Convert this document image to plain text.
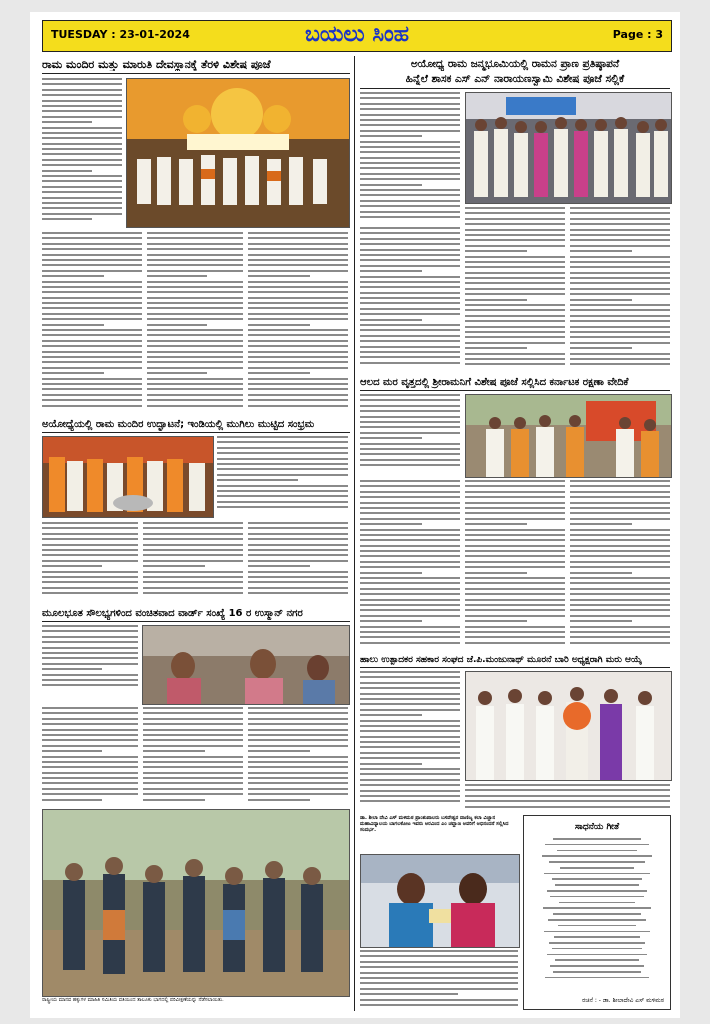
TUESDAY : 23-01-2024	ಬಯಲು ಸಿಂಹ	Page : 3
ರಾಮ ಮಂದಿರ ಮತ್ತು ಮಾರುತಿ ದೇವಸ್ಥಾನಕ್ಕೆ ತೆರಳಿ ವಿಶೇಷ ಪೂಜೆ
ಅಯೋಧ್ಯೆಯಲ್ಲಿ ರಾಮ ಮಂದಿರ ಉದ್ಘಾಟನೆ; ಇಂಡಿಯಲ್ಲಿ ಮುಗಿಲು ಮುಟ್ಟಿದ ಸಂಭ್ರಮ
ಮೂಲಭೂತ ಸೌಲಭ್ಯಗಳಿಂದ ವಂಚಿತವಾದ ವಾರ್ಡ್ ಸಂಖ್ಯೆ 16 ರ ಉಸ್ಮಾನ್ ನಗರ
ರಾಷ್ಟ್ರೀಯ ಮಾನವ ಹಕ್ಕುಗಳ ಮಾಹಿತಿ ಸಮಿತಿಯ ವತಿಯಿಂದ ತಾಲೂಕು ಭಾಗದಲ್ಲಿ ಪರಿವೀಕ್ಷಣೆಯನ್ನು ನೆಡೆಸಲಾಯಿತು.
ಅಯೋಧ್ಯ ರಾಮ ಜನ್ಮಭೂಮಿಯಲ್ಲಿ ರಾಮನ ಪ್ರಾಣ ಪ್ರತಿಷ್ಠಾಪನೆ
ಹಿನ್ನೆಲೆ ಶಾಸಕ ಎಸ್ ಎನ್ ನಾರಾಯಣಸ್ವಾಮಿ ವಿಶೇಷ ಪೂಜೆ ಸಲ್ಲಿಕೆ
ಆಲದ ಮರ ವೃತ್ತದಲ್ಲಿ ಶ್ರೀರಾಮನಿಗೆ ವಿಶೇಷ ಪೂಜೆ ಸಲ್ಲಿಸಿದ ಕರ್ನಾಟಕ ರಕ್ಷಣಾ ವೇದಿಕೆ
ಹಾಲು ಉತ್ಪಾದಕರ ಸಹಕಾರ ಸಂಘದ ಜೆ.ಪಿ.ಮಂಜುನಾಥ್ ಮೂರನೆ ಬಾರಿ ಅಧ್ಯಕ್ಷರಾಗಿ ಮರು ಆಯ್ಕೆ
ಡಾ. ಶೀಲಾ ದೇವಿ ಎಸ್ ಮಳಿಮಠ ಪ್ರಾಂಶುಪಾಲರು ಬಸವೇಶ್ವರ ವಾಣಿಜ್ಯ ಕಲಾ ವಿಜ್ಞಾನ ಮಹಾವಿದ್ಯಾಲಯ ಬಾಗಲಕೋಟ ಇವರು ಅರವಿಂದ ಎಂ ಚವ್ಹಾಣ ಅವರಿಗೆ ಅಭಿನಂದನೆ ಸಲ್ಲಿಸಿದ ಸಂದರ್ಭ.	ಸಾಧನೆಯ ಗೀತೆ
ರಚನೆ : - ಡಾ. ಶೀಲಾದೇವಿ ಎಸ್ ಮಳಿಮಠ
